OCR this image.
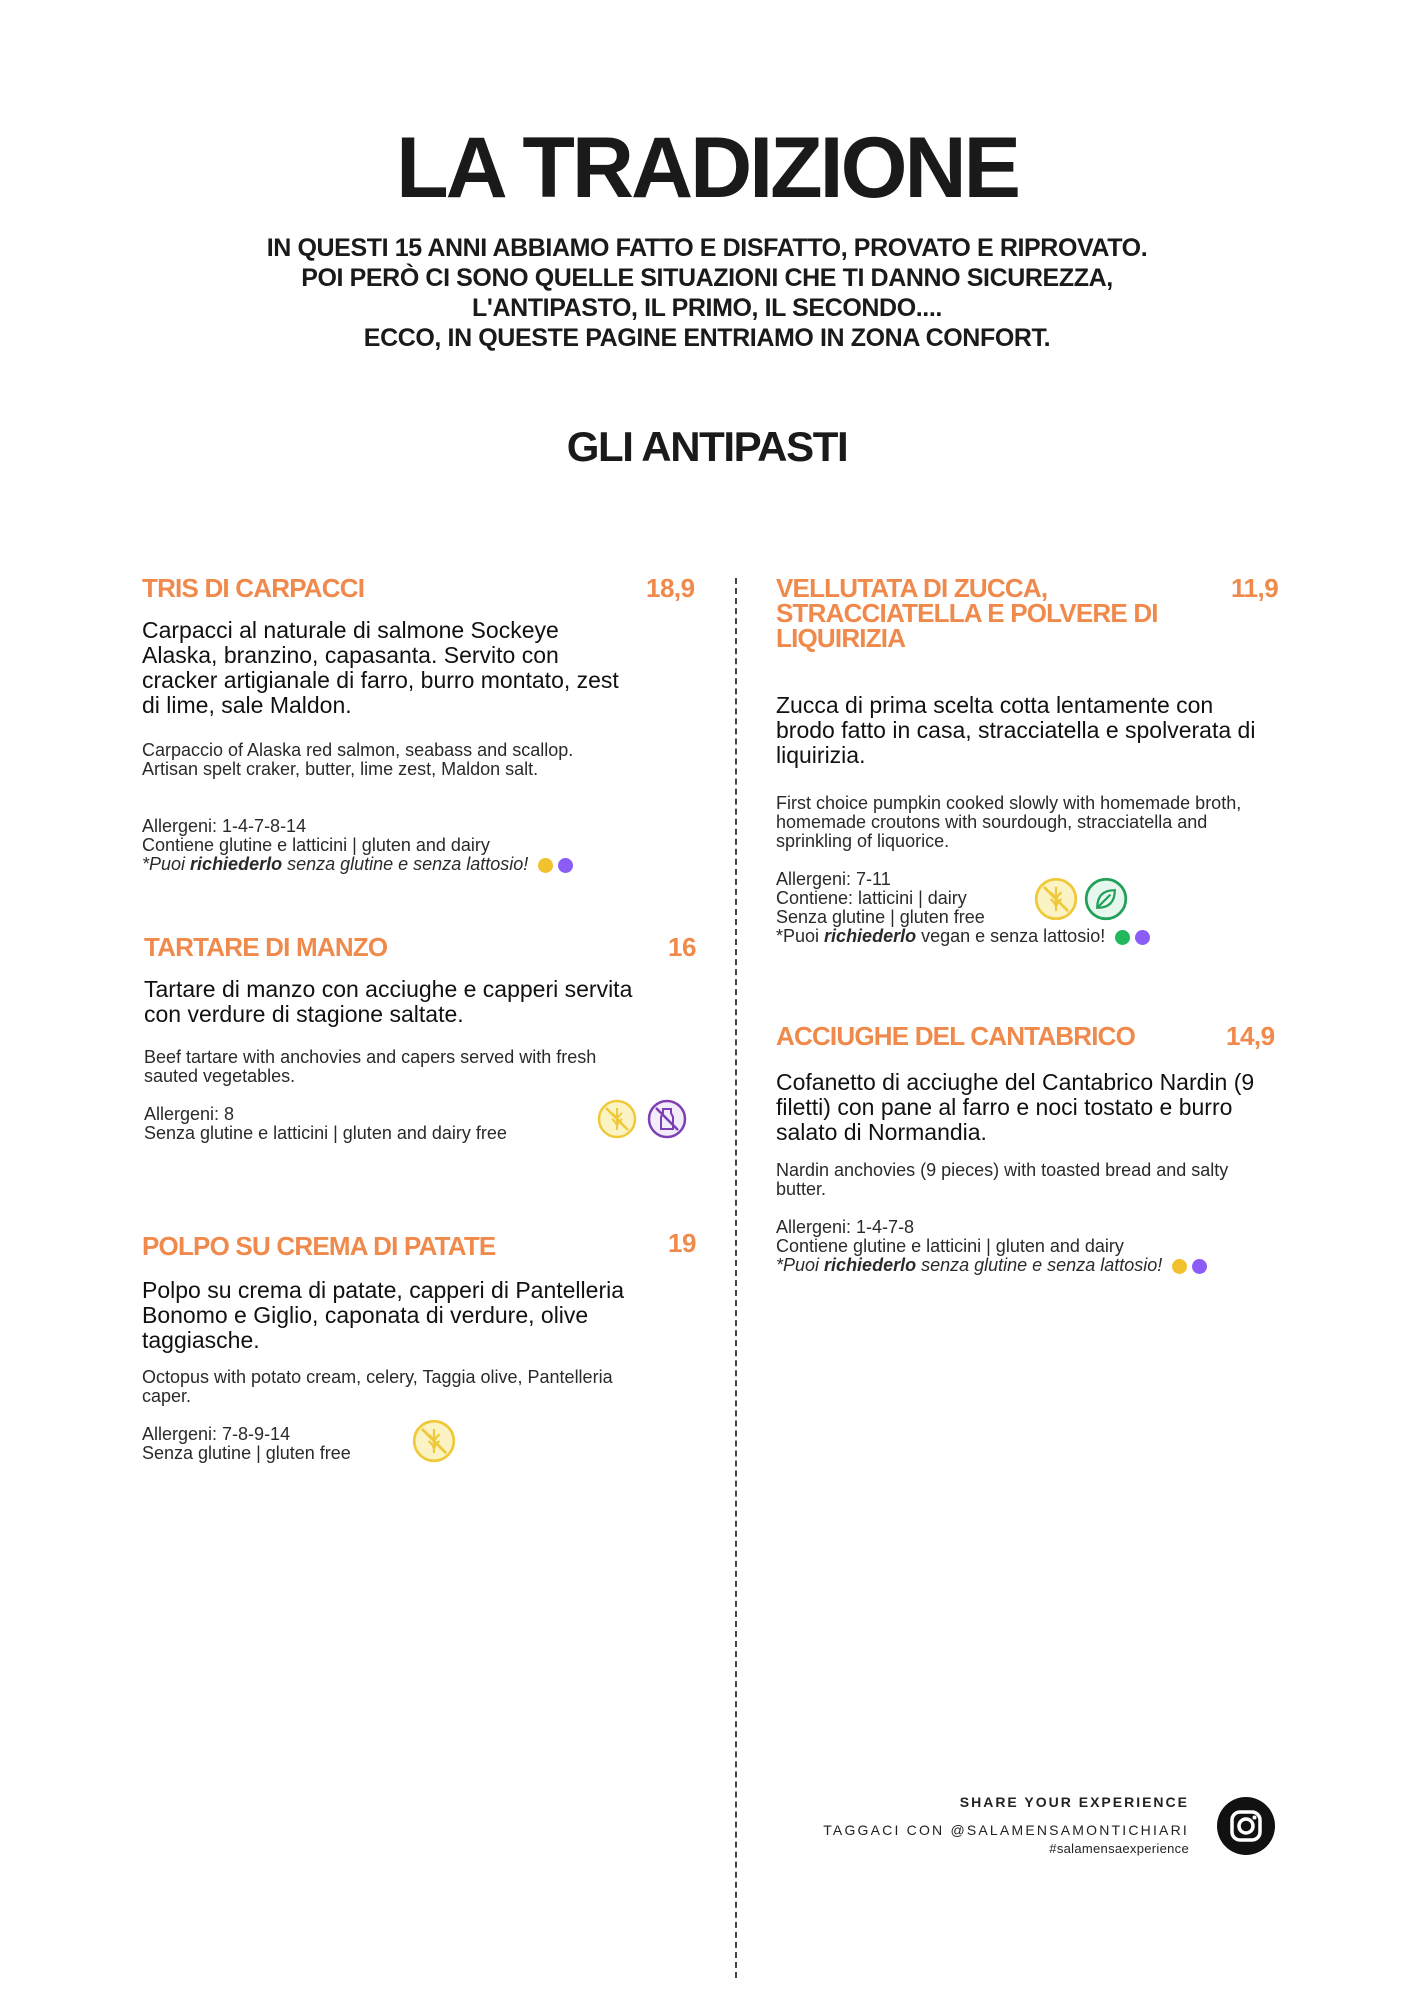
LA TRADIZIONE
IN QUESTI 15 ANNI ABBIAMO FATTO E DISFATTO, PROVATO E RIPROVATO.
POI PERÒ CI SONO QUELLE SITUAZIONI CHE TI DANNO SICUREZZA,
L'ANTIPASTO, IL PRIMO, IL SECONDO....
ECCO, IN QUESTE PAGINE ENTRIAMO IN ZONA CONFORT.
GLI ANTIPASTI
TRIS DI CARPACCI	18,9
Carpacci al naturale di salmone Sockeye Alaska, branzino, capasanta. Servito con cracker artigianale di farro, burro montato, zest di lime, sale Maldon.
Carpaccio of Alaska red salmon, seabass and scallop. Artisan spelt craker, butter, lime zest, Maldon salt.
Allergeni: 1-4-7-8-14
Contiene glutine e latticini | gluten and dairy
*Puoi richiederlo senza glutine e senza lattosio!
TARTARE DI MANZO	16
Tartare di manzo con acciughe e capperi servita con verdure di stagione saltate.
Beef tartare with anchovies and capers served with fresh sauted vegetables.
Allergeni: 8
Senza glutine e latticini | gluten and dairy free
POLPO SU CREMA DI PATATE	19
Polpo su crema di patate, capperi di Pantelleria Bonomo e Giglio, caponata di verdure, olive taggiasche.
Octopus with potato cream, celery, Taggia olive, Pantelleria caper.
Allergeni: 7-8-9-14
Senza glutine | gluten free
VELLUTATA DI ZUCCA, STRACCIATELLA E POLVERE DI LIQUIRIZIA
11,9
Zucca di prima scelta cotta lentamente con brodo fatto in casa, stracciatella e spolverata di liquirizia.
First choice pumpkin cooked slowly with homemade broth, homemade croutons with sourdough, stracciatella and sprinkling of liquorice.
Allergeni: 7-11
Contiene: latticini | dairy
Senza glutine | gluten free
*Puoi richiederlo vegan e senza lattosio!
ACCIUGHE DEL CANTABRICO	14,9
Cofanetto di acciughe del Cantabrico Nardin (9 filetti) con pane al farro e noci tostato e burro salato di Normandia.
Nardin anchovies (9 pieces) with toasted bread and salty butter.
Allergeni: 1-4-7-8
Contiene glutine e latticini | gluten and dairy
*Puoi richiederlo senza glutine e senza lattosio!
SHARE YOUR EXPERIENCE
TAGGACI CON @SALAMENSAMONTICHIARI
#salamensaexperience
